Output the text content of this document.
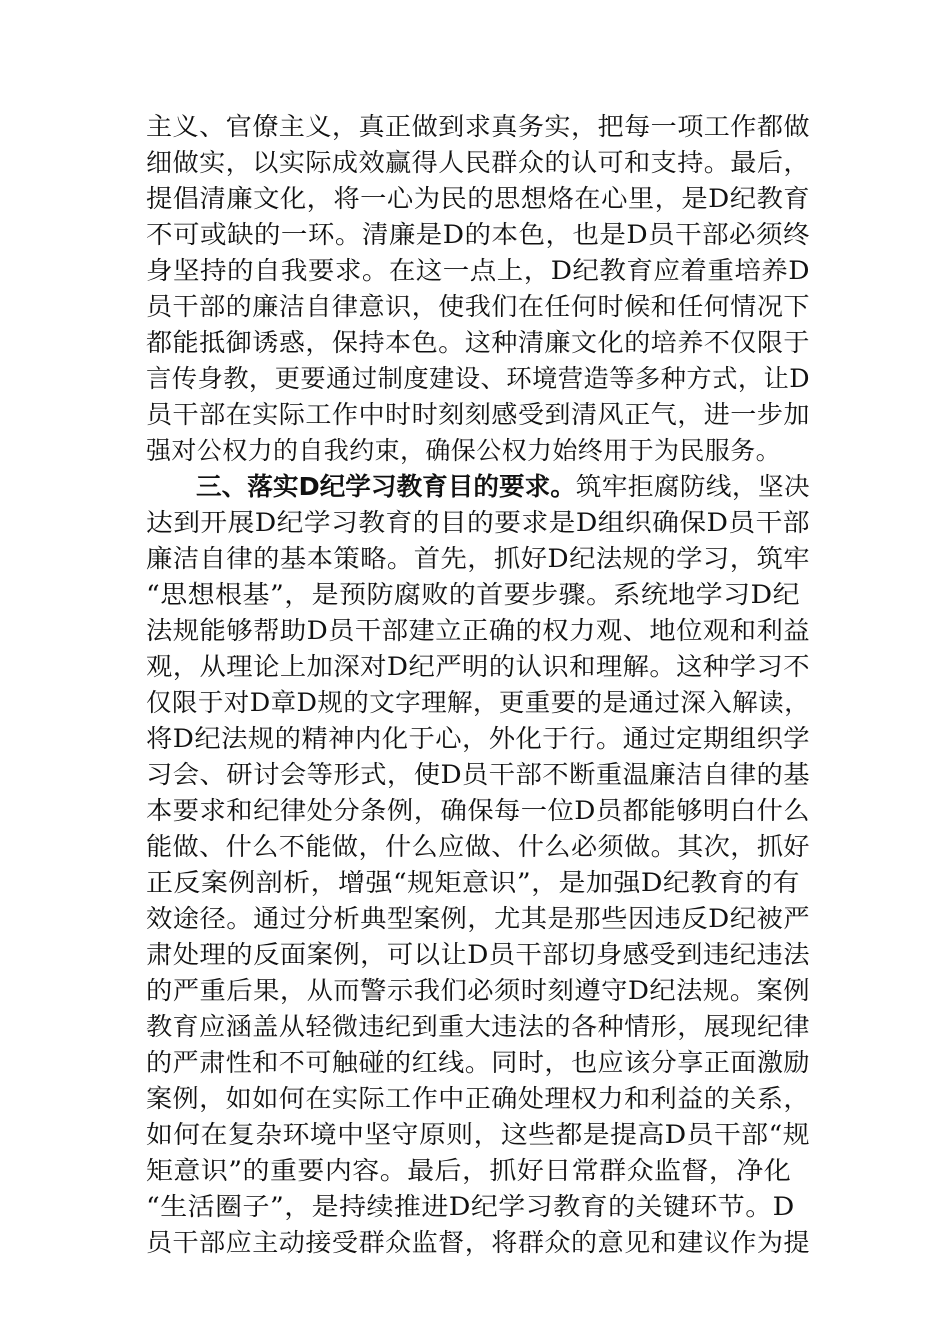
主义、官僚主义，真正做到求真务实，把每一项工作都做
细做实，以实际成效赢得人民群众的认可和支持。最后，
提倡清廉文化，将一心为民的思想烙在心里，是D纪教育
不可或缺的一环。清廉是D的本色，也是D员干部必须终
身坚持的自我要求。在这一点上，D纪教育应着重培养D
员干部的廉洁自律意识，使我们在任何时候和任何情况下
都能抵御诱惑，保持本色。这种清廉文化的培养不仅限于
言传身教，更要通过制度建设、环境营造等多种方式，让D
员干部在实际工作中时时刻刻感受到清风正气，进一步加
强对公权力的自我约束，确保公权力始终用于为民服务。
三、落实D纪学习教育目的要求。筑牢拒腐防线，坚决
达到开展D纪学习教育的目的要求是D组织确保D员干部
廉洁自律的基本策略。首先，抓好D纪法规的学习，筑牢
“思想根基”，是预防腐败的首要步骤。系统地学习D纪
法规能够帮助D员干部建立正确的权力观、地位观和利益
观，从理论上加深对D纪严明的认识和理解。这种学习不
仅限于对D章D规的文字理解，更重要的是通过深入解读，
将D纪法规的精神内化于心，外化于行。通过定期组织学
习会、研讨会等形式，使D员干部不断重温廉洁自律的基
本要求和纪律处分条例，确保每一位D员都能够明白什么
能做、什么不能做，什么应做、什么必须做。其次，抓好
正反案例剖析，增强“规矩意识”，是加强D纪教育的有
效途径。通过分析典型案例，尤其是那些因违反D纪被严
肃处理的反面案例，可以让D员干部切身感受到违纪违法
的严重后果，从而警示我们必须时刻遵守D纪法规。案例
教育应涵盖从轻微违纪到重大违法的各种情形，展现纪律
的严肃性和不可触碰的红线。同时，也应该分享正面激励
案例，如如何在实际工作中正确处理权力和利益的关系，
如何在复杂环境中坚守原则，这些都是提高D员干部“规
矩意识”的重要内容。最后，抓好日常群众监督，净化
“生活圈子”，是持续推进D纪学习教育的关键环节。D
员干部应主动接受群众监督，将群众的意见和建议作为提
